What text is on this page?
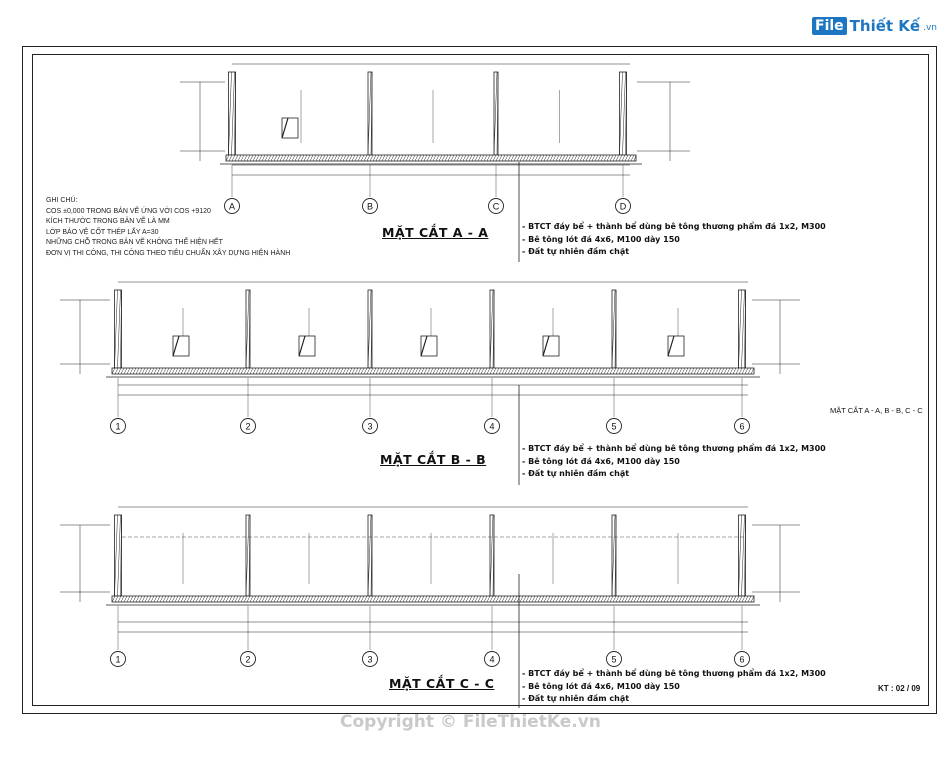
File Thiết Kế .vn
A	B	C	D
1	2	3	4	5	6
1	2	3	4	5	6
GHI CHÚ:
COS ±0,000 TRONG BẢN VẼ ỨNG VỚI COS +9120
KÍCH THƯỚC TRONG BẢN VẼ LÀ MM
LỚP BẢO VỆ CỐT THÉP LẤY A=30
NHỮNG CHỖ TRONG BẢN VẼ KHÔNG THỂ HIỆN HẾT
ĐƠN VỊ THI CÔNG, THI CÔNG THEO TIÊU CHUẨN XÂY DỰNG HIỆN HÀNH
MẶT CẮT A - A	- BTCT đáy bể + thành bể dùng bê tông thương phẩm đá 1x2, M300
- Bê tông lót đá 4x6, M100 dày 150
- Đất tự nhiên đầm chặt
MẶT CẮT B - B
- BTCT đáy bể + thành bể dùng bê tông thương phẩm đá 1x2, M300
- Bê tông lót đá 4x6, M100 dày 150
- Đất tự nhiên đầm chặt
MẶT CẮT C - C
- BTCT đáy bể + thành bể dùng bê tông thương phẩm đá 1x2, M300
- Bê tông lót đá 4x6, M100 dày 150
- Đất tự nhiên đầm chặt
MẶT CẮT A - A, B - B, C - C
KT : 02 / 09
Copyright © FileThietKe.vn
